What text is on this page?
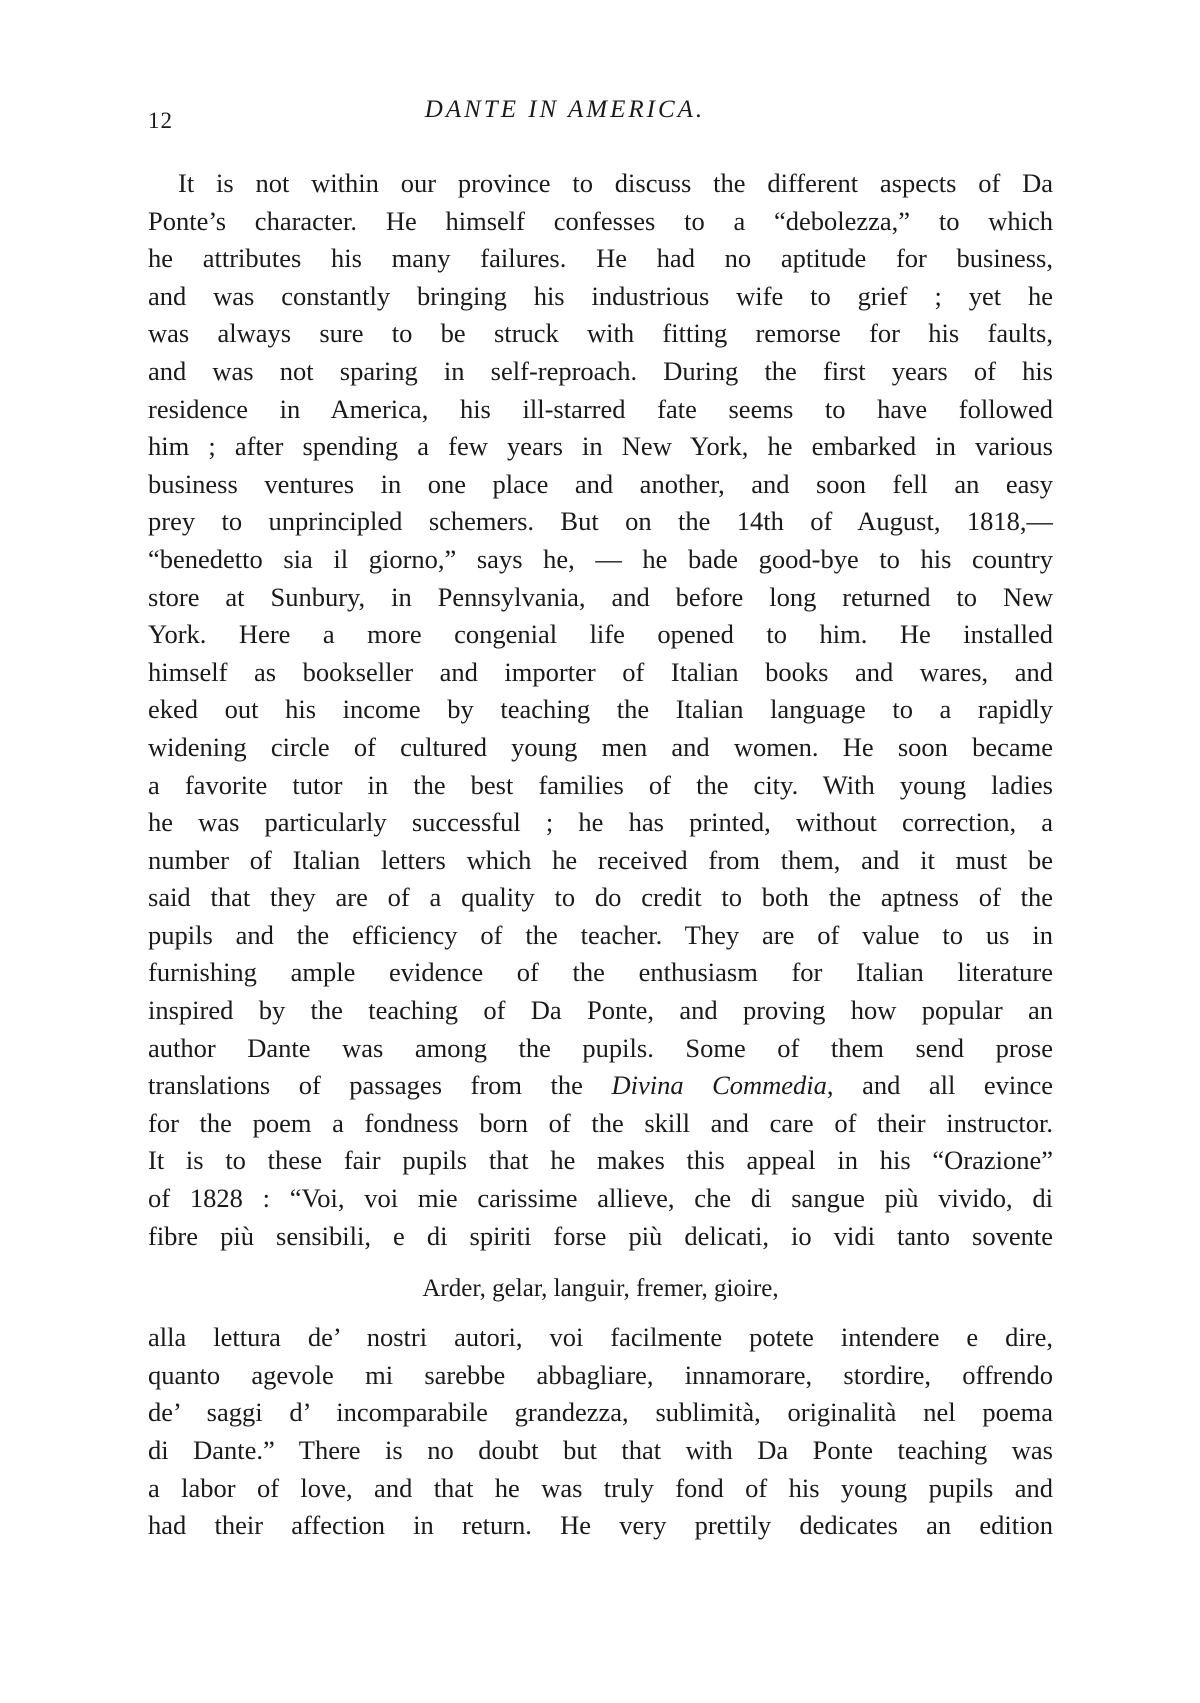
12	DANTE IN AMERICA.
It is not within our province to discuss the different aspects of Da
Ponte’s character. He himself confesses to a “debolezza,” to which
he attributes his many failures. He had no aptitude for business,
and was constantly bringing his industrious wife to grief ; yet he
was always sure to be struck with fitting remorse for his faults,
and was not sparing in self-reproach. During the first years of his
residence in America, his ill-starred fate seems to have followed
him ; after spending a few years in New York, he embarked in various
business ventures in one place and another, and soon fell an easy
prey to unprincipled schemers. But on the 14th of August, 1818,—
“benedetto sia il giorno,” says he, — he bade good-bye to his country
store at Sunbury, in Pennsylvania, and before long returned to New
York. Here a more congenial life opened to him. He installed
himself as bookseller and importer of Italian books and wares, and
eked out his income by teaching the Italian language to a rapidly
widening circle of cultured young men and women. He soon became
a favorite tutor in the best families of the city. With young ladies
he was particularly successful ; he has printed, without correction, a
number of Italian letters which he received from them, and it must be
said that they are of a quality to do credit to both the aptness of the
pupils and the efficiency of the teacher. They are of value to us in
furnishing ample evidence of the enthusiasm for Italian literature
inspired by the teaching of Da Ponte, and proving how popular an
author Dante was among the pupils. Some of them send prose
translations of passages from the Divina Commedia, and all evince
for the poem a fondness born of the skill and care of their instructor.
It is to these fair pupils that he makes this appeal in his “Orazione”
of 1828 : “Voi, voi mie carissime allieve, che di sangue più vivido, di
fibre più sensibili, e di spiriti forse più delicati, io vidi tanto sovente
Arder, gelar, languir, fremer, gioire,
alla lettura de’ nostri autori, voi facilmente potete intendere e dire,
quanto agevole mi sarebbe abbagliare, innamorare, stordire, offrendo
de’ saggi d’ incomparabile grandezza, sublimità, originalità nel poema
di Dante.” There is no doubt but that with Da Ponte teaching was
a labor of love, and that he was truly fond of his young pupils and
had their affection in return. He very prettily dedicates an edition
